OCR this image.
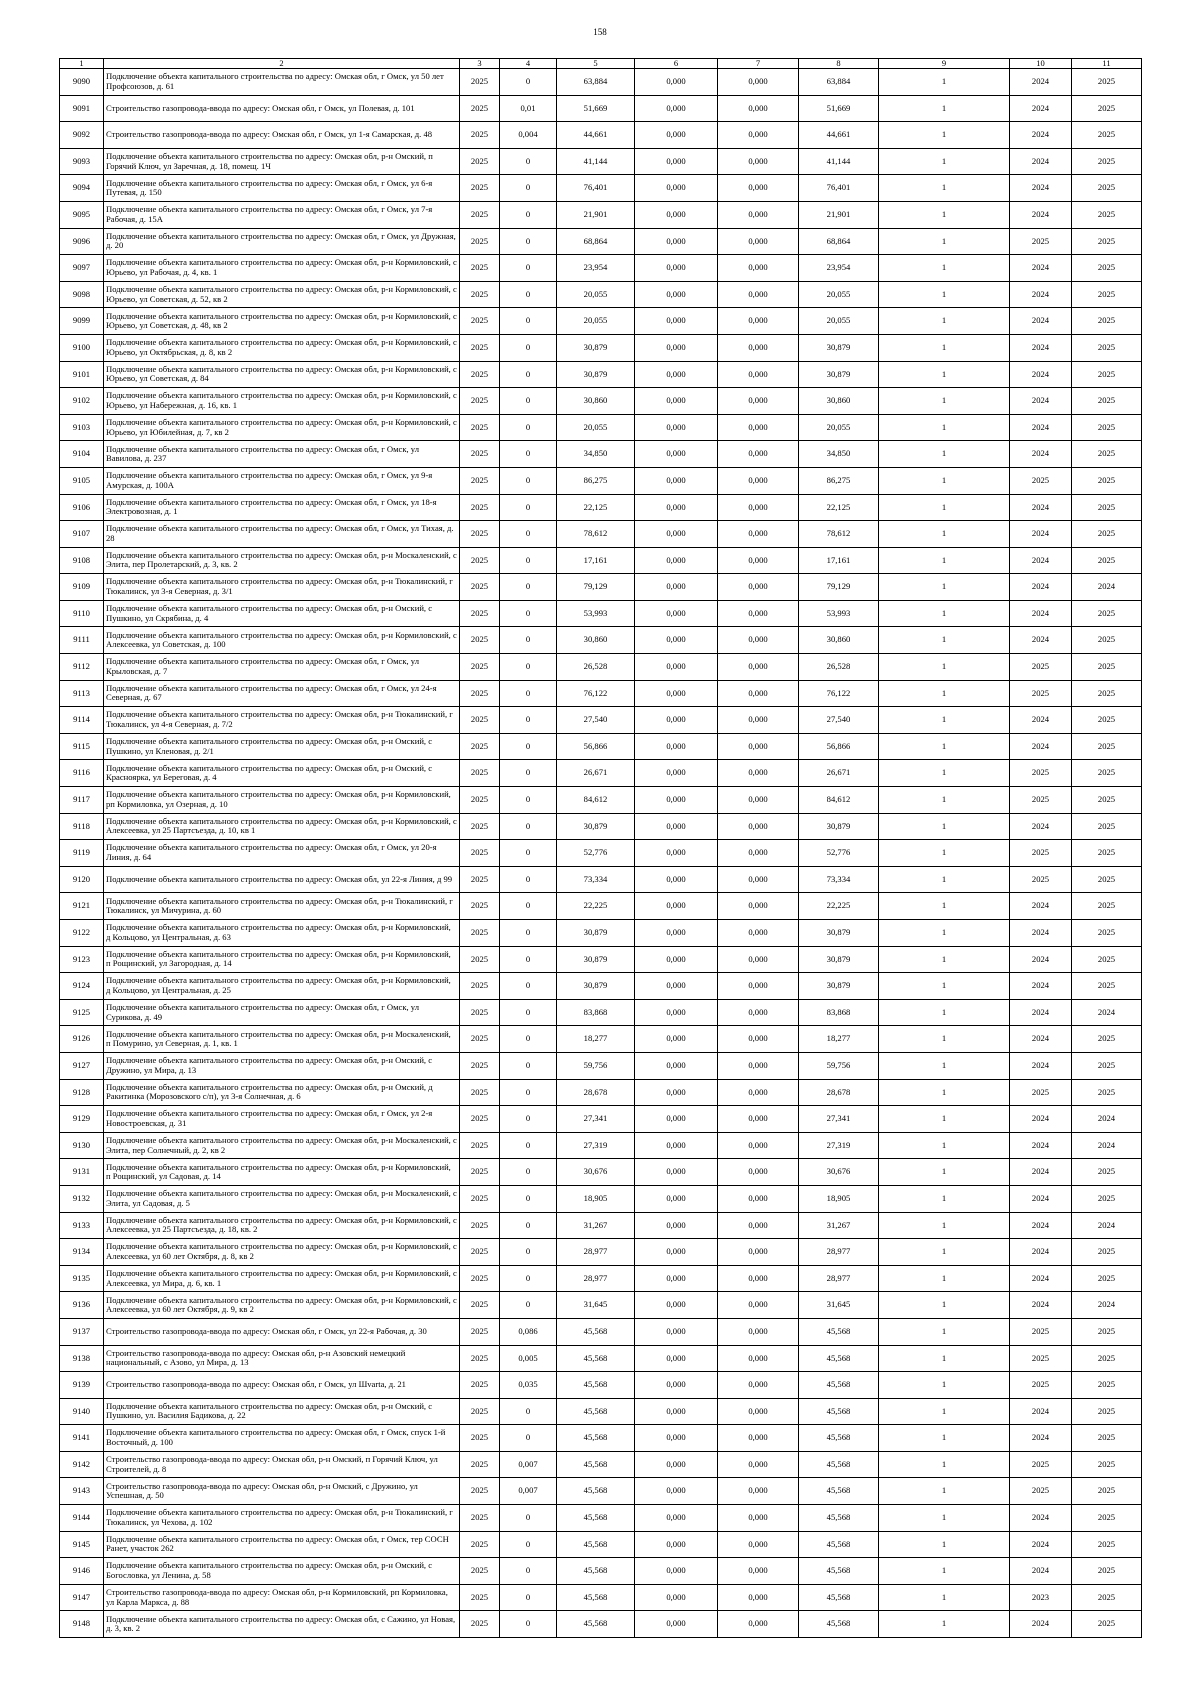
158
1	2	3	4	5	6	7	8	9	10	11
9090	Подключение объекта капитального строительства по адресу: Омская обл, г Омск, ул 50 лет Профсоюзов, д. 61	2025	0	63,884	0,000	0,000	63,884	1	2024	2025
9091	Строительство газопровода-ввода по адресу: Омская обл, г Омск, ул Полевая, д. 101	2025	0,01	51,669	0,000	0,000	51,669	1	2024	2025
9092	Строительство газопровода-ввода по адресу: Омская обл, г Омск, ул 1-я Самарская, д. 48	2025	0,004	44,661	0,000	0,000	44,661	1	2024	2025
9093	Подключение объекта капитального строительства по адресу: Омская обл, р-н Омский, п Горячий Ключ, ул Заречная, д. 18, помещ. 1Ч	2025	0	41,144	0,000	0,000	41,144	1	2024	2025
9094	Подключение объекта капитального строительства по адресу: Омская обл, г Омск, ул 6-я Путевая, д. 150	2025	0	76,401	0,000	0,000	76,401	1	2024	2025
9095	Подключение объекта капитального строительства по адресу: Омская обл, г Омск, ул 7-я Рабочая, д. 15А	2025	0	21,901	0,000	0,000	21,901	1	2024	2025
9096	Подключение объекта капитального строительства по адресу: Омская обл, г Омск, ул Дружная, д. 20	2025	0	68,864	0,000	0,000	68,864	1	2025	2025
9097	Подключение объекта капитального строительства по адресу: Омская обл, р-н Кормиловский, с Юрьево, ул Рабочая, д. 4, кв. 1	2025	0	23,954	0,000	0,000	23,954	1	2024	2025
9098	Подключение объекта капитального строительства по адресу: Омская обл, р-н Кормиловский, с Юрьево, ул Советская, д. 52, кв 2	2025	0	20,055	0,000	0,000	20,055	1	2024	2025
9099	Подключение объекта капитального строительства по адресу: Омская обл, р-н Кормиловский, с Юрьево, ул Советская, д. 48, кв 2	2025	0	20,055	0,000	0,000	20,055	1	2024	2025
9100	Подключение объекта капитального строительства по адресу: Омская обл, р-н Кормиловский, с Юрьево, ул Октябрьская, д. 8, кв 2	2025	0	30,879	0,000	0,000	30,879	1	2024	2025
9101	Подключение объекта капитального строительства по адресу: Омская обл, р-н Кормиловский, с Юрьево, ул Советская, д. 84	2025	0	30,879	0,000	0,000	30,879	1	2024	2025
9102	Подключение объекта капитального строительства по адресу: Омская обл, р-н Кормиловский, с Юрьево, ул Набережная, д. 16, кв. 1	2025	0	30,860	0,000	0,000	30,860	1	2024	2025
9103	Подключение объекта капитального строительства по адресу: Омская обл, р-н Кормиловский, с Юрьево, ул Юбилейная, д. 7, кв 2	2025	0	20,055	0,000	0,000	20,055	1	2024	2025
9104	Подключение объекта капитального строительства по адресу: Омская обл, г Омск, ул Вавилова, д. 237	2025	0	34,850	0,000	0,000	34,850	1	2024	2025
9105	Подключение объекта капитального строительства по адресу: Омская обл, г Омск, ул 9-я Амурская, д. 100А	2025	0	86,275	0,000	0,000	86,275	1	2025	2025
9106	Подключение объекта капитального строительства по адресу: Омская обл, г Омск, ул 18-я Электровозная, д. 1	2025	0	22,125	0,000	0,000	22,125	1	2024	2025
9107	Подключение объекта капитального строительства по адресу: Омская обл, г Омск, ул Тихая, д. 28	2025	0	78,612	0,000	0,000	78,612	1	2024	2025
9108	Подключение объекта капитального строительства по адресу: Омская обл, р-н Москаленский, с Элита, пер Пролетарский, д. 3, кв. 2	2025	0	17,161	0,000	0,000	17,161	1	2024	2025
9109	Подключение объекта капитального строительства по адресу: Омская обл, р-н Тюкалинский, г Тюкалинск, ул 3-я Северная, д. 3/1	2025	0	79,129	0,000	0,000	79,129	1	2024	2024
9110	Подключение объекта капитального строительства по адресу: Омская обл, р-н Омский, с Пушкино, ул Скрябина, д. 4	2025	0	53,993	0,000	0,000	53,993	1	2024	2025
9111	Подключение объекта капитального строительства по адресу: Омская обл, р-н Кормиловский, с Алексеевка, ул Советская, д. 100	2025	0	30,860	0,000	0,000	30,860	1	2024	2025
9112	Подключение объекта капитального строительства по адресу: Омская обл, г Омск, ул Крыловская, д. 7	2025	0	26,528	0,000	0,000	26,528	1	2025	2025
9113	Подключение объекта капитального строительства по адресу: Омская обл, г Омск, ул 24-я Северная, д. 67	2025	0	76,122	0,000	0,000	76,122	1	2025	2025
9114	Подключение объекта капитального строительства по адресу: Омская обл, р-н Тюкалинский, г Тюкалинск, ул 4-я Северная, д. 7/2	2025	0	27,540	0,000	0,000	27,540	1	2024	2025
9115	Подключение объекта капитального строительства по адресу: Омская обл, р-н Омский, с Пушкино, ул Кленовая, д. 2/1	2025	0	56,866	0,000	0,000	56,866	1	2024	2025
9116	Подключение объекта капитального строительства по адресу: Омская обл, р-н Омский, с Красноярка, ул Береговая, д. 4	2025	0	26,671	0,000	0,000	26,671	1	2025	2025
9117	Подключение объекта капитального строительства по адресу: Омская обл, р-н Кормиловский, рп Кормиловка, ул Озерная, д. 10	2025	0	84,612	0,000	0,000	84,612	1	2025	2025
9118	Подключение объекта капитального строительства по адресу: Омская обл, р-н Кормиловский, с Алексеевка, ул 25 Партсъезда, д. 10, кв 1	2025	0	30,879	0,000	0,000	30,879	1	2024	2025
9119	Подключение объекта капитального строительства по адресу: Омская обл, г Омск, ул 20-я Линия, д. 64	2025	0	52,776	0,000	0,000	52,776	1	2025	2025
9120	Подключение объекта капитального строительства по адресу: Омская обл, ул 22-я Линия, д 99	2025	0	73,334	0,000	0,000	73,334	1	2025	2025
9121	Подключение объекта капитального строительства по адресу: Омская обл, р-н Тюкалинский, г Тюкалинск, ул Мичурина, д. 60	2025	0	22,225	0,000	0,000	22,225	1	2024	2025
9122	Подключение объекта капитального строительства по адресу: Омская обл, р-н Кормиловский, д Кольцово, ул Центральная, д. 63	2025	0	30,879	0,000	0,000	30,879	1	2024	2025
9123	Подключение объекта капитального строительства по адресу: Омская обл, р-н Кормиловский, п Рощинский, ул Загородная, д. 14	2025	0	30,879	0,000	0,000	30,879	1	2024	2025
9124	Подключение объекта капитального строительства по адресу: Омская обл, р-н Кормиловский, д Кольцово, ул Центральная, д. 25	2025	0	30,879	0,000	0,000	30,879	1	2024	2025
9125	Подключение объекта капитального строительства по адресу: Омская обл, г Омск, ул Сурикова, д. 49	2025	0	83,868	0,000	0,000	83,868	1	2024	2024
9126	Подключение объекта капитального строительства по адресу: Омская обл, р-н Москаленский, п Помурино, ул Северная, д. 1, кв. 1	2025	0	18,277	0,000	0,000	18,277	1	2024	2025
9127	Подключение объекта капитального строительства по адресу: Омская обл, р-н Омский, с Дружино, ул Мира, д. 13	2025	0	59,756	0,000	0,000	59,756	1	2024	2025
9128	Подключение объекта капитального строительства по адресу: Омская обл, р-н Омский, д Ракитинка (Морозовского с/п), ул 3-я Солнечная, д. 6	2025	0	28,678	0,000	0,000	28,678	1	2025	2025
9129	Подключение объекта капитального строительства по адресу: Омская обл, г Омск, ул 2-я Новостроевская, д. 31	2025	0	27,341	0,000	0,000	27,341	1	2024	2024
9130	Подключение объекта капитального строительства по адресу: Омская обл, р-н Москаленский, с Элита, пер Солнечный, д. 2, кв 2	2025	0	27,319	0,000	0,000	27,319	1	2024	2024
9131	Подключение объекта капитального строительства по адресу: Омская обл, р-н Кормиловский, п Рощинский, ул Садовая, д. 14	2025	0	30,676	0,000	0,000	30,676	1	2024	2025
9132	Подключение объекта капитального строительства по адресу: Омская обл, р-н Москаленский, с Элита, ул Садовая, д. 5	2025	0	18,905	0,000	0,000	18,905	1	2024	2025
9133	Подключение объекта капитального строительства по адресу: Омская обл, р-н Кормиловский, с Алексеевка, ул 25 Партсъезда, д. 18, кв. 2	2025	0	31,267	0,000	0,000	31,267	1	2024	2024
9134	Подключение объекта капитального строительства по адресу: Омская обл, р-н Кормиловский, с Алексеевка, ул 60 лет Октября, д. 8, кв 2	2025	0	28,977	0,000	0,000	28,977	1	2024	2025
9135	Подключение объекта капитального строительства по адресу: Омская обл, р-н Кормиловский, с Алексеевка, ул Мира, д. 6, кв. 1	2025	0	28,977	0,000	0,000	28,977	1	2024	2025
9136	Подключение объекта капитального строительства по адресу: Омская обл, р-н Кормиловский, с Алексеевка, ул 60 лет Октября, д. 9, кв 2	2025	0	31,645	0,000	0,000	31,645	1	2024	2024
9137	Строительство газопровода-ввода по адресу: Омская обл, г Омск, ул 22-я Рабочая, д. 30	2025	0,086	45,568	0,000	0,000	45,568	1	2025	2025
9138	Строительство газопровода-ввода по адресу: Омская обл, р-н Азовский немецкий национальный, с Азово, ул Мира, д. 13	2025	0,005	45,568	0,000	0,000	45,568	1	2025	2025
9139	Строительство газопровода-ввода по адресу: Омская обл, г Омск, ул Шvarta, д. 21	2025	0,035	45,568	0,000	0,000	45,568	1	2025	2025
9140	Подключение объекта капитального строительства по адресу: Омская обл, р-н Омский, с Пушкино, ул. Василия Бадикова, д. 22	2025	0	45,568	0,000	0,000	45,568	1	2024	2025
9141	Подключение объекта капитального строительства по адресу: Омская обл, г Омск, спуск 1-й Восточный, д. 100	2025	0	45,568	0,000	0,000	45,568	1	2024	2025
9142	Строительство газопровода-ввода по адресу: Омская обл, р-н Омский, п Горячий Ключ, ул Строителей, д. 8	2025	0,007	45,568	0,000	0,000	45,568	1	2025	2025
9143	Строительство газопровода-ввода по адресу: Омская обл, р-н Омский, с Дружино, ул Успешная, д. 50	2025	0,007	45,568	0,000	0,000	45,568	1	2025	2025
9144	Подключение объекта капитального строительства по адресу: Омская обл, р-н Тюкалинский, г Тюкалинск, ул Чехова, д. 102	2025	0	45,568	0,000	0,000	45,568	1	2024	2025
9145	Подключение объекта капитального строительства по адресу: Омская обл, г Омск, тер СОСН Ранет, участок 262	2025	0	45,568	0,000	0,000	45,568	1	2024	2025
9146	Подключение объекта капитального строительства по адресу: Омская обл, р-н Омский, с Богословка, ул Ленина, д. 58	2025	0	45,568	0,000	0,000	45,568	1	2024	2025
9147	Строительство газопровода-ввода по адресу: Омская обл, р-н Кормиловский, рп Кормиловка, ул Карла Маркса, д. 88	2025	0	45,568	0,000	0,000	45,568	1	2023	2025
9148	Подключение объекта капитального строительства по адресу: Омская обл, с Сажино, ул Новая, д. 3, кв. 2	2025	0	45,568	0,000	0,000	45,568	1	2024	2025
